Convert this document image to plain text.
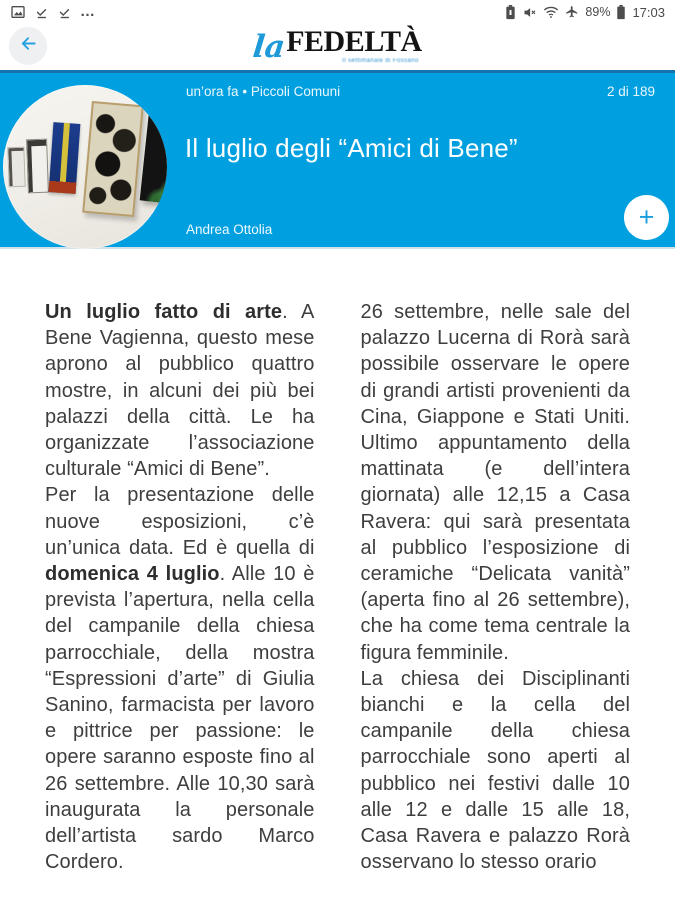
…	89% 17:03
la FEDELTÀ
Il settimanale di Fossano
un’ora fa • Piccoli Comuni	2 di 189
Il luglio degli “Amici di Bene”
Andrea Ottolia	+

Un luglio fatto di arte. A Bene Vagienna, questo mese aprono al pubblico quattro mostre, in alcuni dei più bei palazzi della città. Le ha organizzate l’associazione culturale “Amici di Bene”.

Per la presentazione delle nuove esposizioni, c’è un’unica data. Ed è quella di domenica 4 luglio. Alle 10 è prevista l’apertura, nella cella del campanile della chiesa parrocchiale, della mostra “Espressioni d’arte” di Giulia Sanino, farmacista per lavoro e pittrice per passione: le opere saranno esposte fino al 26 settembre. Alle 10,30 sarà inaugurata la personale dell’artista sardo Marco Cordero.

26 settembre, nelle sale del palazzo Lucerna di Rorà sarà possibile osservare le opere di grandi artisti provenienti da Cina, Giappone e Stati Uniti. Ultimo appuntamento della mattinata (e dell’intera giornata) alle 12,15 a Casa Ravera: qui sarà presentata al pubblico l’esposizione di ceramiche “Delicata vanità” (aperta fino al 26 settembre), che ha come tema centrale la figura femminile.

La chiesa dei Disciplinanti bianchi e la cella del campanile della chiesa parrocchiale sono aperti al pubblico nei festivi dalle 10 alle 12 e dalle 15 alle 18, Casa Ravera e palazzo Rorà osservano lo stesso orario
